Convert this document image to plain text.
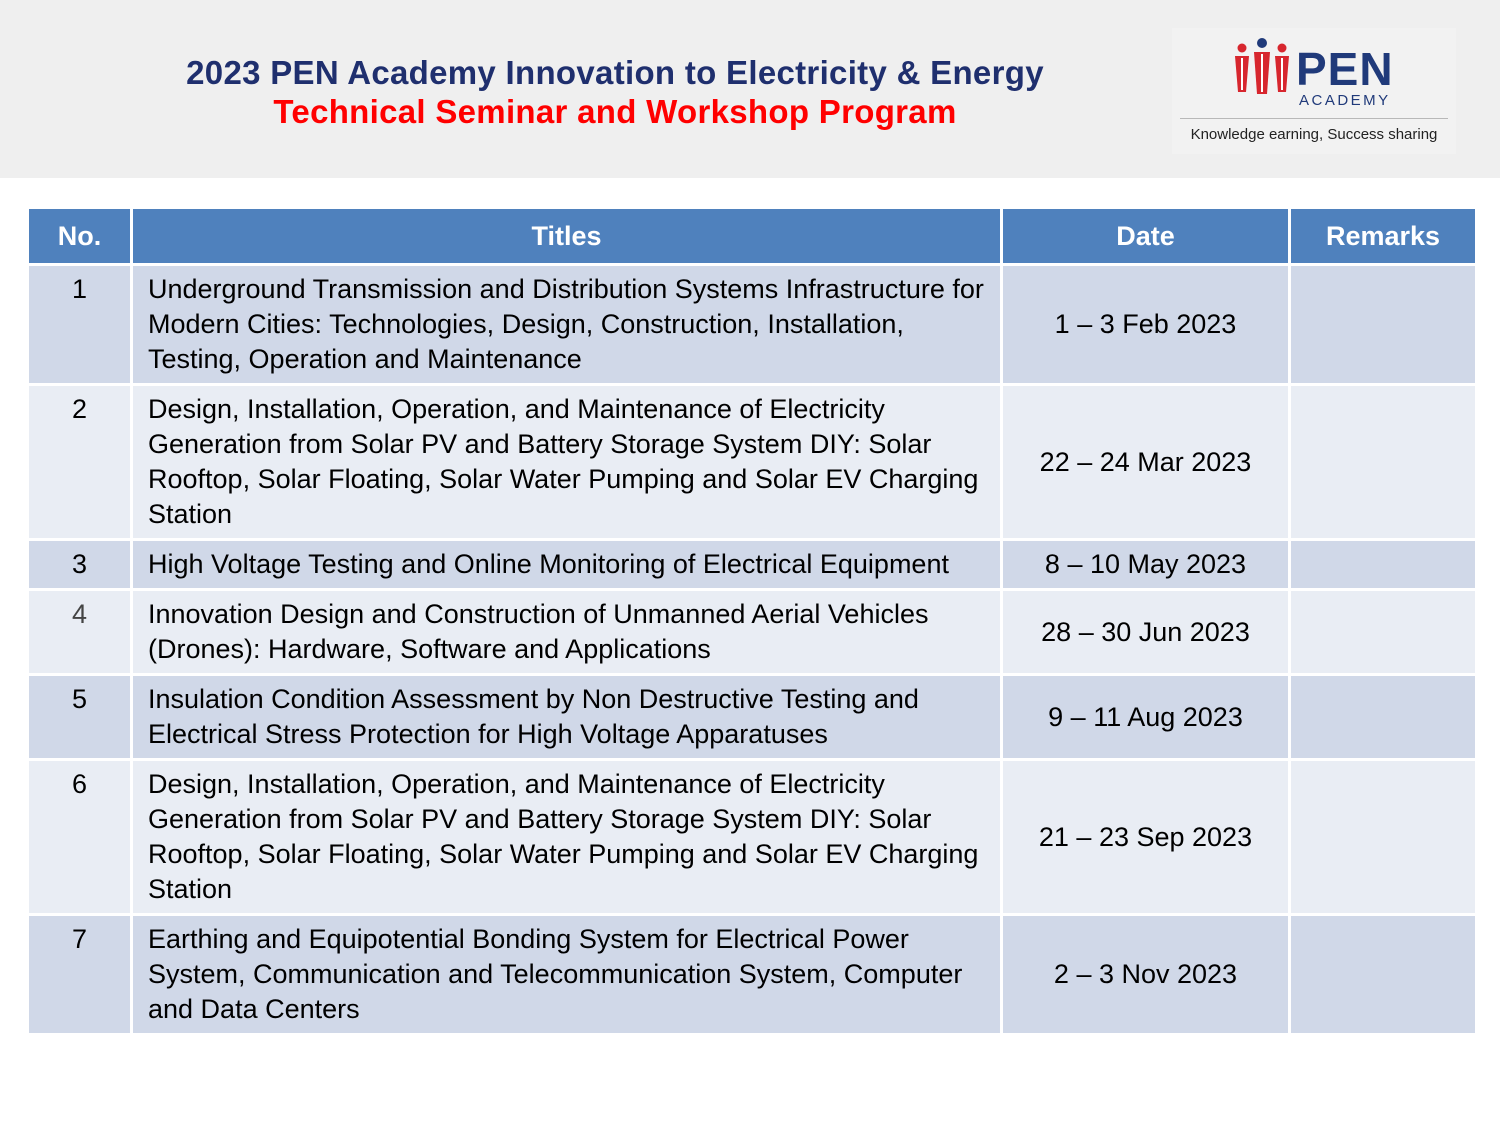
2023 PEN Academy Innovation to Electricity & Energy
Technical Seminar and Workshop Program
PEN
ACADEMY
Knowledge earning, Success sharing
No.	Titles	Date	Remarks
1	Underground Transmission and Distribution Systems Infrastructure for Modern Cities: Technologies, Design, Construction, Installation, Testing, Operation and Maintenance	1 – 3 Feb 2023	
2	Design, Installation, Operation, and Maintenance of Electricity Generation from Solar PV and Battery Storage System DIY: Solar Rooftop, Solar Floating, Solar Water Pumping and Solar EV Charging Station	22 – 24 Mar 2023	
3	High Voltage Testing and Online Monitoring of Electrical Equipment	8 – 10 May 2023	
4	Innovation Design and Construction of Unmanned Aerial Vehicles (Drones): Hardware, Software and Applications	28 – 30 Jun 2023	
5	Insulation Condition Assessment by Non Destructive Testing and Electrical Stress Protection for High Voltage Apparatuses	9 – 11 Aug 2023	
6	Design, Installation, Operation, and Maintenance of Electricity Generation from Solar PV and Battery Storage System DIY: Solar Rooftop, Solar Floating, Solar Water Pumping and Solar EV Charging Station	21 – 23 Sep 2023	
7	Earthing and Equipotential Bonding System for Electrical Power System, Communication and Telecommunication System, Computer and Data Centers	2 – 3 Nov 2023	
